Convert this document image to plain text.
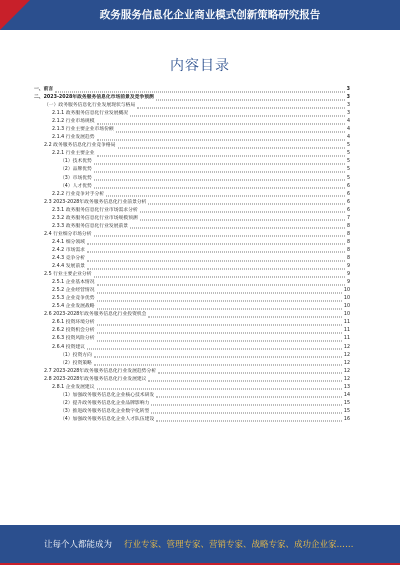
政务服务信息化企业商业模式创新策略研究报告
内容目录
一、前言	3
二、2023-2028年政务服务信息化市场前景及竞争预测	3
（一）政务服务信息化行业发展现状与格局	3
2.1.1 政务服务信息化行业发展概况	3
2.1.2 行业市场规模	4
2.1.3 行业主要企业市场份额	4
2.1.4 行业发展趋势	4
2.2 政务服务信息化行业竞争格局	5
2.2.1 行业主要企业	5
（1）技术优势	5
（2）品牌优势	5
（3）市场优势	5
（4）人才优势	6
2.2.2 行业竞争对手分析	6
2.3 2023-2028年政务服务信息化行业前景分析	6
2.3.1 政务服务信息化行业市场需求分析	6
2.3.2 政务服务信息化行业市场规模预测	7
2.3.3 政务服务信息化行业发展前景	8
2.4 行业细分市场分析	8
2.4.1 细分领域	8
2.4.2 市场需求	8
2.4.3 竞争分析	8
2.4.4 发展前景	9
2.5 行业主要企业分析	9
2.5.1 企业基本情况	9
2.5.2 企业经营情况	10
2.5.3 企业竞争优势	10
2.5.4 企业发展战略	10
2.6 2023-2028年政务服务信息化行业投资机会	10
2.6.1 投资环境分析	11
2.6.2 投资机会分析	11
2.6.3 投资风险分析	11
2.6.4 投资建议	12
（1）投资方向	12
（2）投资策略	12
2.7 2023-2028年政务服务信息化行业发展趋势分析	12
2.8 2023-2028年政务服务信息化行业发展建议	12
2.8.1 企业发展建议	13
（1）加强政务服务信息化企业核心技术研发	14
（2）提升政务服务信息化企业品牌影响力	15
（3）推进政务服务信息化企业数字化转型	15
（4）加强政务服务信息化企业人才队伍建设	16
让每个人都能成为 行业专家、管理专家、营销专家、战略专家、成功企业家……
